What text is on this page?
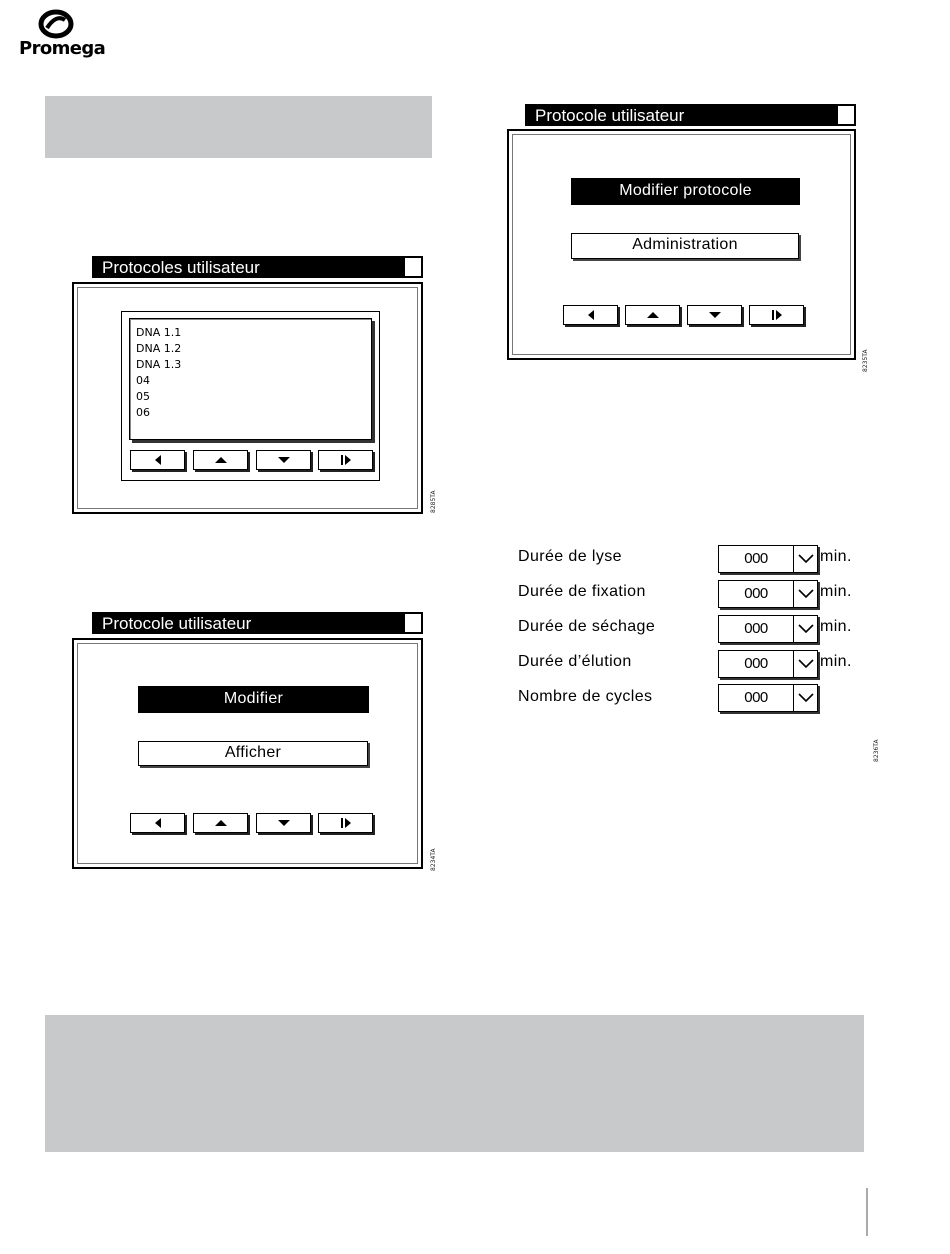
Promega
Protocoles utilisateur
DNA 1.1
DNA 1.2
DNA 1.3
04
05
06
8285TA
Protocole utilisateur
Modifier
Afficher
8234TA
Protocole utilisateur
Modifier protocole
Administration
8235TA
Durée de lyse	000	min.
Durée de fixation	000	min.
Durée de séchage	000	min.
Durée d’élution	000	min.
Nombre de cycles	000
8236TA
